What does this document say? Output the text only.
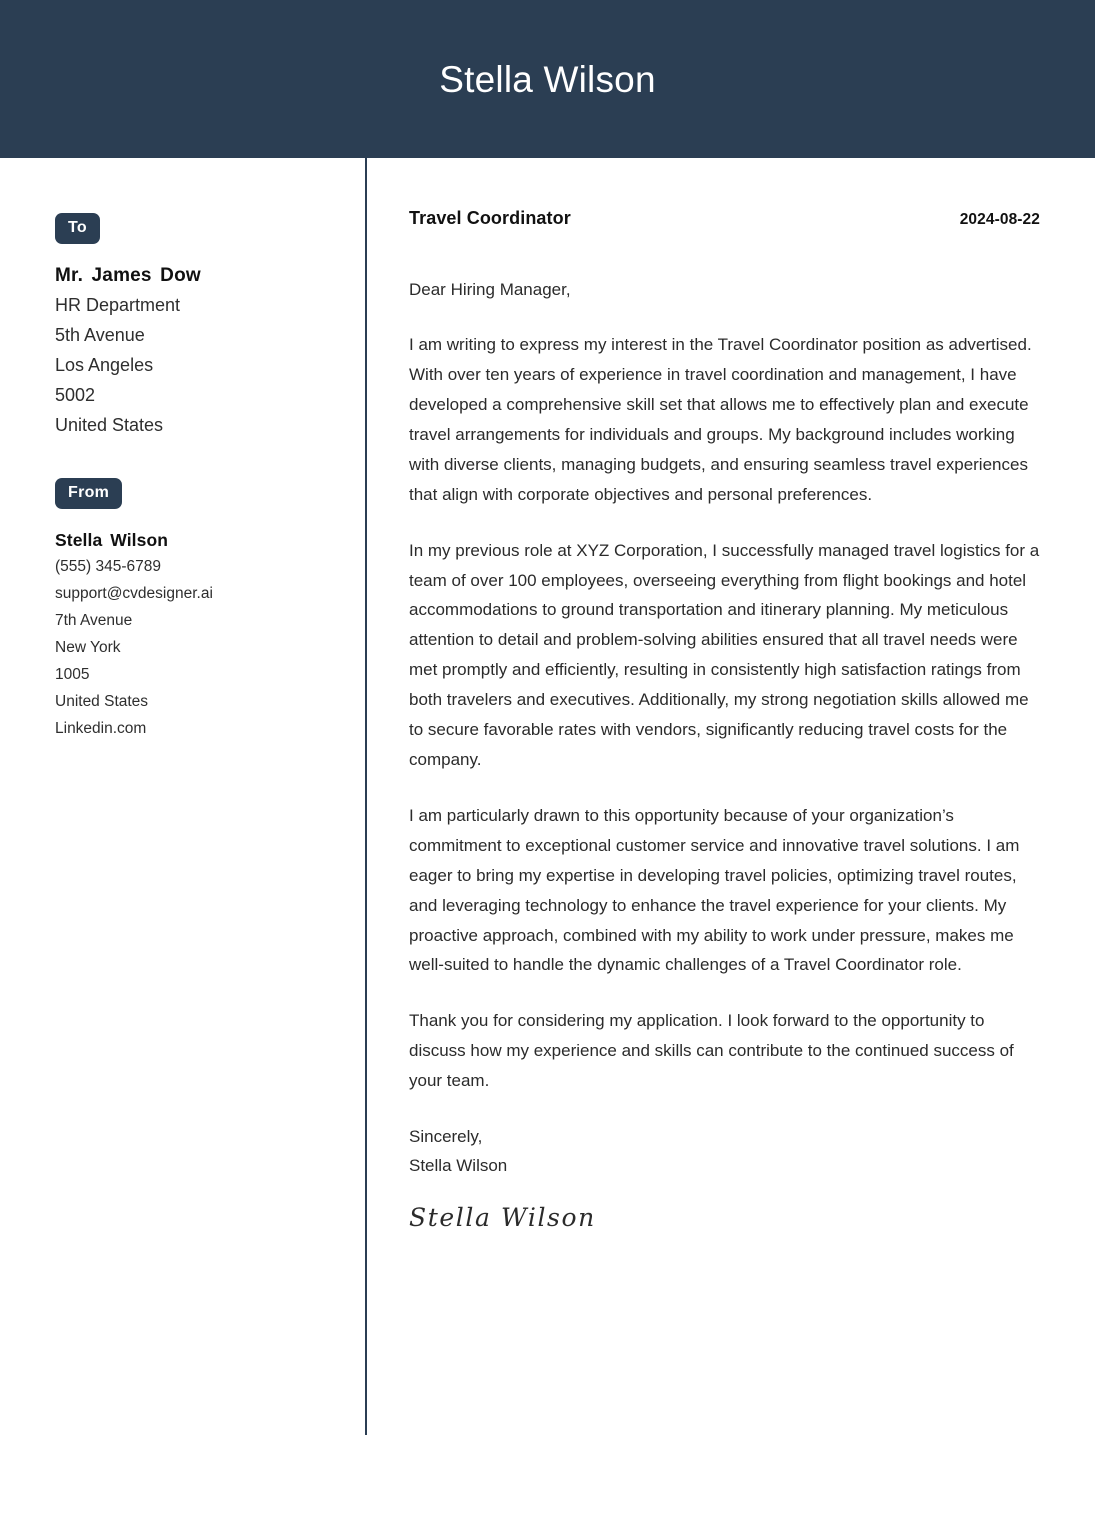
Stella Wilson
To
Mr. James Dow
HR Department
5th Avenue
Los Angeles
5002
United States
From
Stella Wilson
(555) 345-6789
support@cvdesigner.ai
7th Avenue
New York
1005
United States
Linkedin.com
Travel Coordinator	2024-08-22

Dear Hiring Manager,

I am writing to express my interest in the Travel Coordinator position as advertised. With over ten years of experience in travel coordination and management, I have developed a comprehensive skill set that allows me to effectively plan and execute travel arrangements for individuals and groups. My background includes working with diverse clients, managing budgets, and ensuring seamless travel experiences that align with corporate objectives and personal preferences.

In my previous role at XYZ Corporation, I successfully managed travel logistics for a team of over 100 employees, overseeing everything from flight bookings and hotel accommodations to ground transportation and itinerary planning. My meticulous attention to detail and problem-solving abilities ensured that all travel needs were met promptly and efficiently, resulting in consistently high satisfaction ratings from both travelers and executives. Additionally, my strong negotiation skills allowed me to secure favorable rates with vendors, significantly reducing travel costs for the company.

I am particularly drawn to this opportunity because of your organization’s commitment to exceptional customer service and innovative travel solutions. I am eager to bring my expertise in developing travel policies, optimizing travel routes, and leveraging technology to enhance the travel experience for your clients. My proactive approach, combined with my ability to work under pressure, makes me well-suited to handle the dynamic challenges of a Travel Coordinator role.

Thank you for considering my application. I look forward to the opportunity to discuss how my experience and skills can contribute to the continued success of your team.

Sincerely,
Stella Wilson
Stella Wilson
